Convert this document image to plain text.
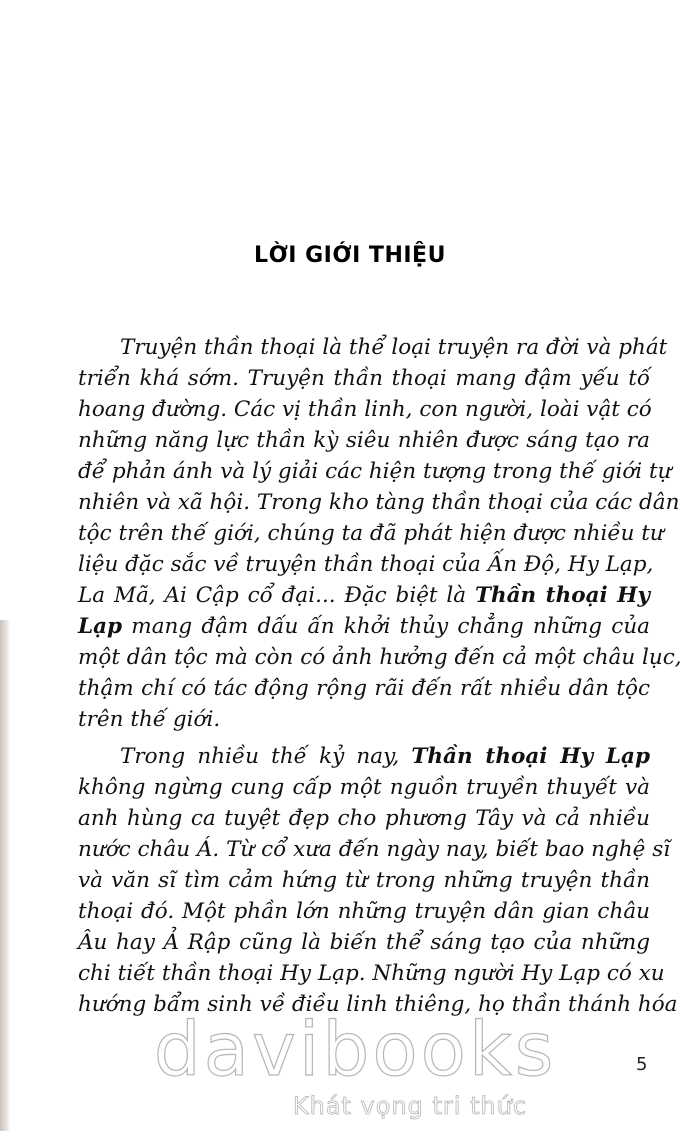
LỜI GIỚI THIỆU
Truyện thần thoại là thể loại truyện ra đời và phát
triển khá sớm. Truyện thần thoại mang đậm yếu tố
hoang đường. Các vị thần linh, con người, loài vật có
những năng lực thần kỳ siêu nhiên được sáng tạo ra
để phản ánh và lý giải các hiện tượng trong thế giới tự
nhiên và xã hội. Trong kho tàng thần thoại của các dân
tộc trên thế giới, chúng ta đã phát hiện được nhiều tư
liệu đặc sắc về truyện thần thoại của Ấn Độ, Hy Lạp,
La Mã, Ai Cập cổ đại... Đặc biệt là Thần thoại Hy
Lạp mang đậm dấu ấn khởi thủy chẳng những của
một dân tộc mà còn có ảnh hưởng đến cả một châu lục,
thậm chí có tác động rộng rãi đến rất nhiều dân tộc
trên thế giới.
Trong nhiều thế kỷ nay, Thần thoại Hy Lạp
không ngừng cung cấp một nguồn truyền thuyết và
anh hùng ca tuyệt đẹp cho phương Tây và cả nhiều
nước châu Á. Từ cổ xưa đến ngày nay, biết bao nghệ sĩ
và văn sĩ tìm cảm hứng từ trong những truyện thần
thoại đó. Một phần lớn những truyện dân gian châu
Âu hay Ả Rập cũng là biến thể sáng tạo của những
chi tiết thần thoại Hy Lạp. Những người Hy Lạp có xu
hướng bẩm sinh về điều linh thiêng, họ thần thánh hóa
5
davibooks
Khát vọng tri thức
